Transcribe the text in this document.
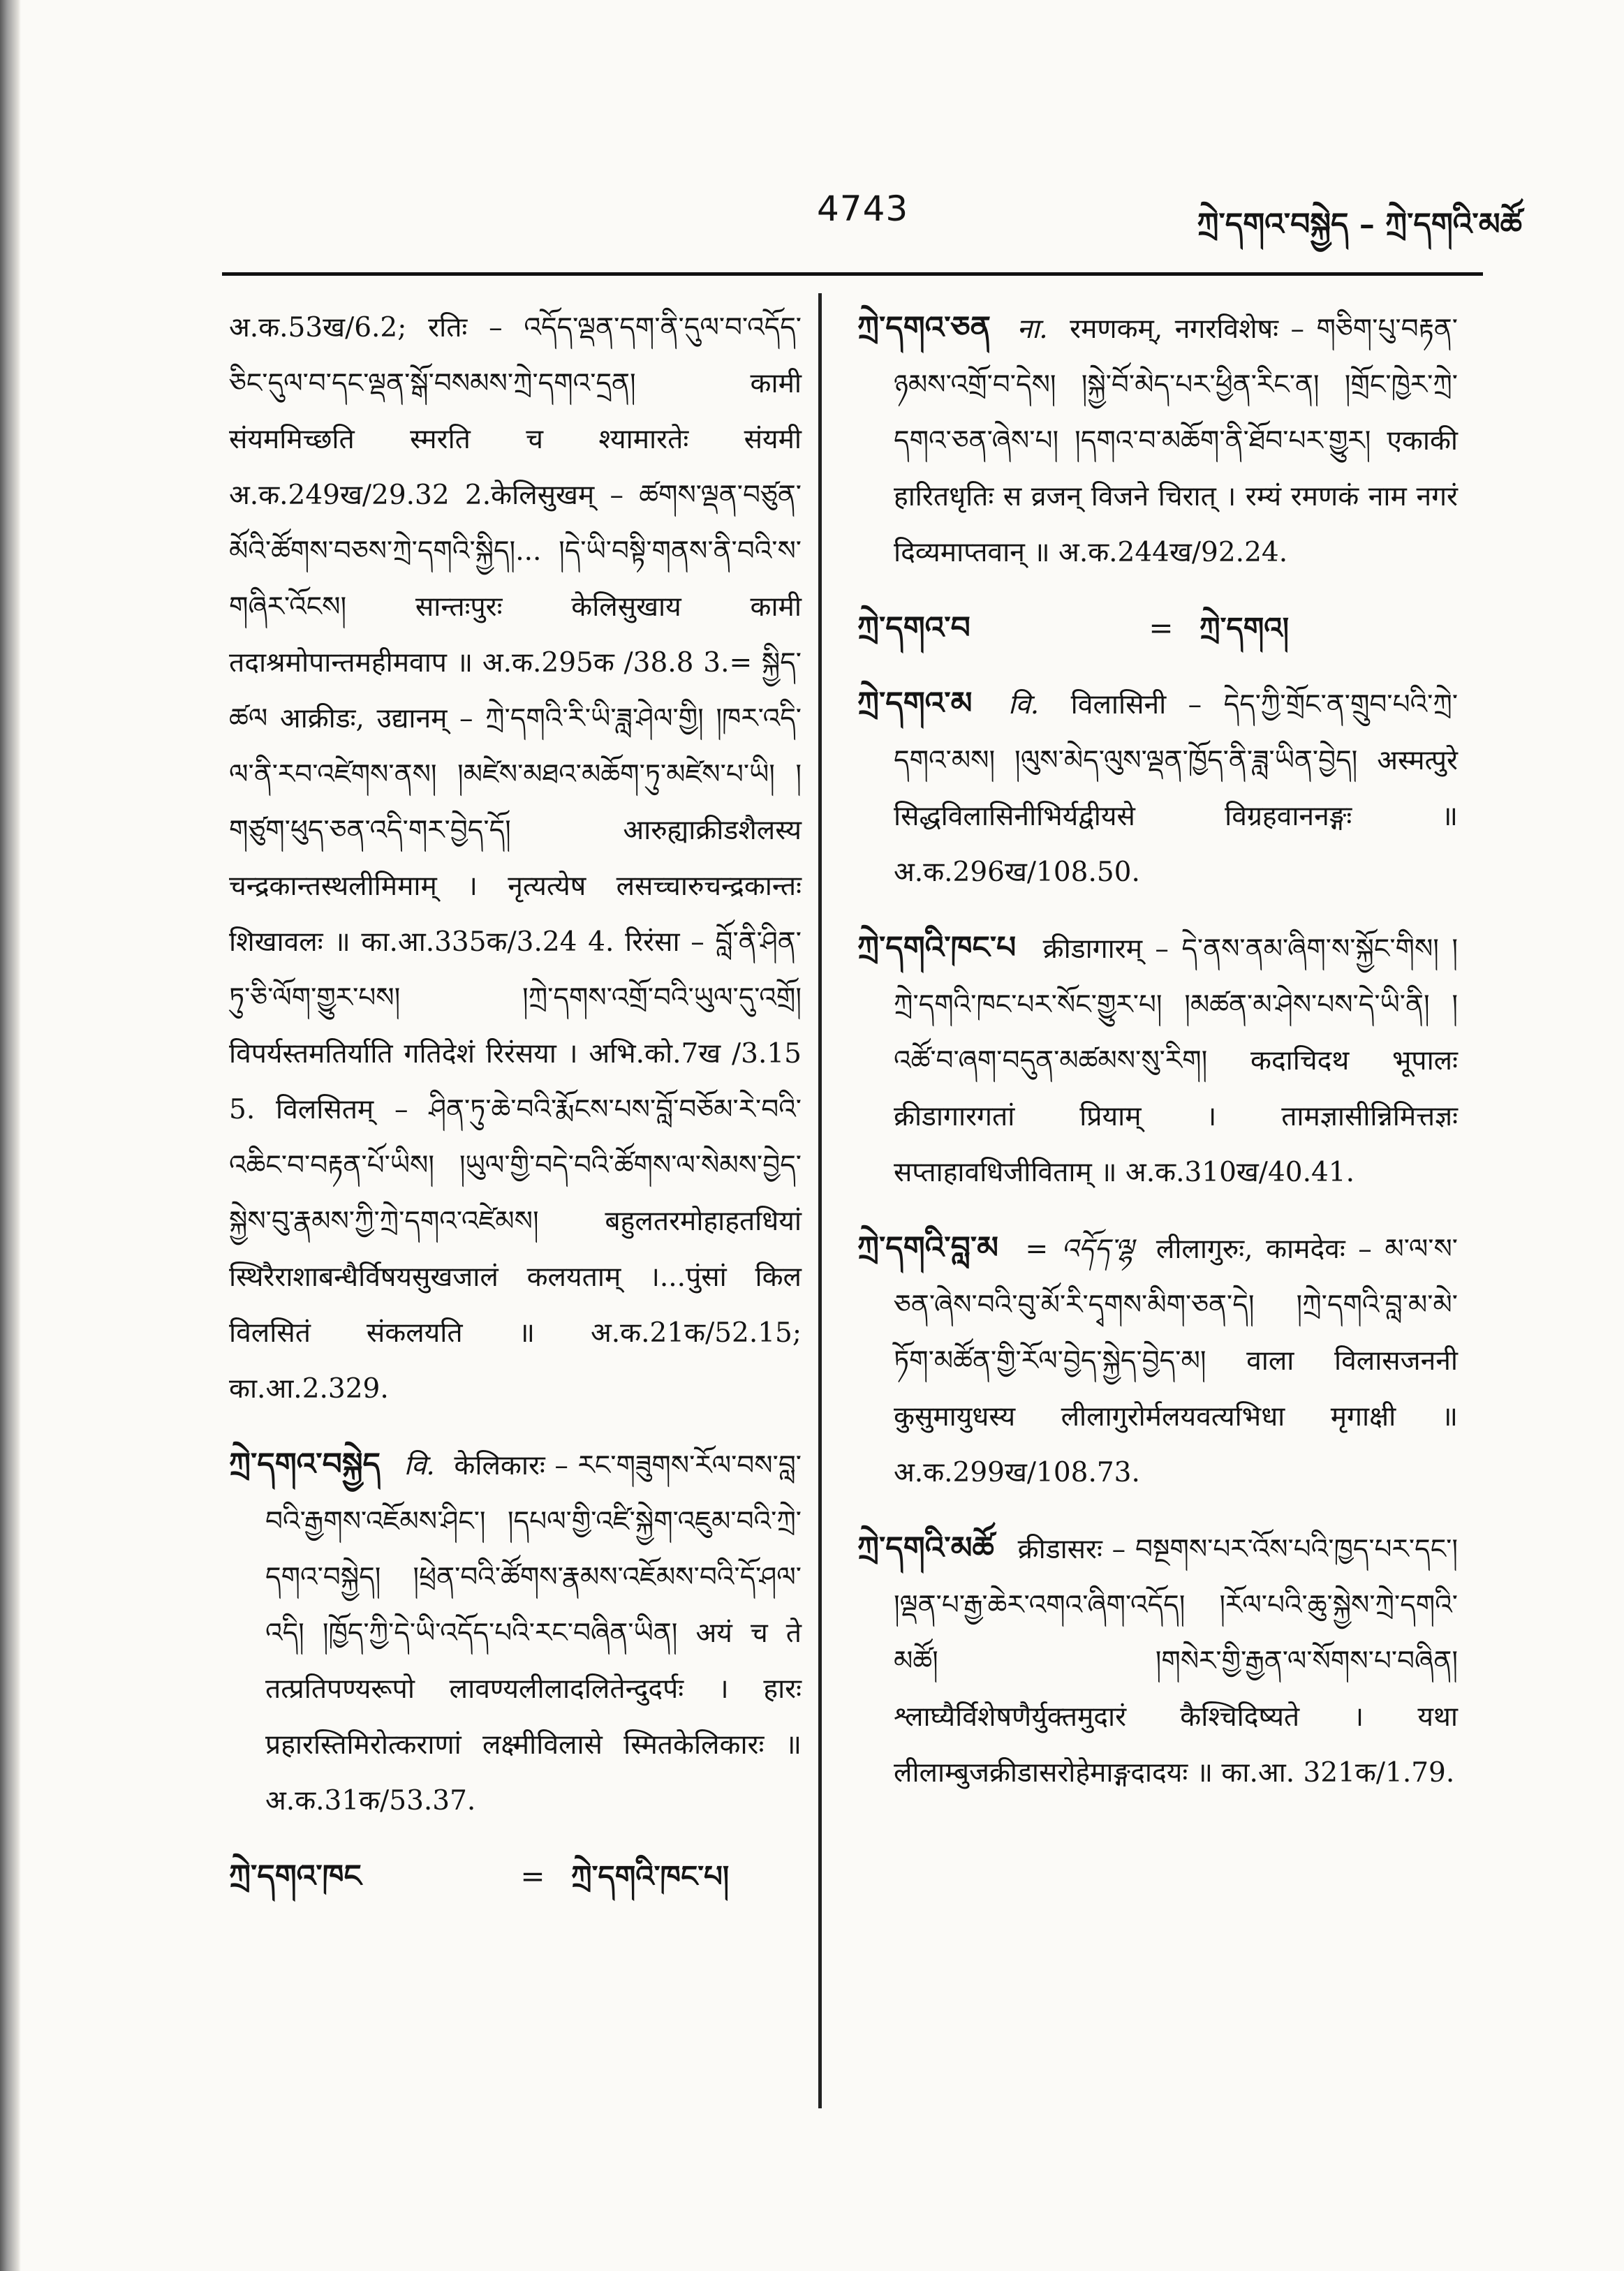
4743	ཀྲེ་དགའ་བསྐྱེད – ཀྲེ་དགའི་མཚོ
अ.क.53ख/6.2; रतिः – འདོད་ལྡན་དག་ནི་དུལ་བ་འདོད་ཅིང་དུལ་བ་དང་ལྡན་སྒོ་བསམས་ཀྲེ་དགའ་དྲན། कामी संयममिच्छति स्मरति च श्यामारतेः संयमी अ.क.249ख/29.32 2.केलिसुखम् – ཚགས་ལྡན་བཙུན་མོའི་ཚོགས་བཅས་ཀྲེ་དགའི་སྐྱིད།... །དེ་ཡི་བསྟི་གནས་ནི་བའི་ས་གཞིར་འོངས། सान्तःपुरः केलिसुखाय कामी तदाश्रमोपान्तमहीमवाप ॥ अ.क.295क /38.8 3.= སྐྱིད་ཚལ आक्रीडः, उद्यानम् – ཀྲེ་དགའི་རི་ཡི་ཟླ་ཤེལ་གྱི། །ཁར་འདི་ལ་ནི་རབ་འཛེགས་ནས། །མཛེས་མཐའ་མཆོག་ཏུ་མཛེས་པ་ཡི། །གཙུག་ཕུད་ཅན་འདི་གར་བྱེད་དོ། आरुह्याक्रीडशैलस्य चन्द्रकान्तस्थलीमिमाम् । नृत्यत्येष लसच्चारुचन्द्रकान्तः शिखावलः ॥ का.आ.335क/3.24 4. रिरंसा – བློ་ནི་ཤིན་ཏུ་ཅི་ལོག་གྱུར་པས། །ཀྲེ་དགས་འགྲོ་བའི་ཡུལ་དུ་འགྲོ། विपर्यस्तमतिर्याति गतिदेशं रिरंसया । अभि.को.7ख /3.15 5. विलसितम् – ཤིན་ཏུ་ཆེ་བའི་རྨོངས་པས་བློ་བཅོམ་རེ་བའི་འཆིང་བ་བརྟན་པོ་ཡིས། །ཡུལ་གྱི་བདེ་བའི་ཚོགས་ལ་སེམས་བྱེད་སྐྱེས་བུ་རྣམས་ཀྱི་ཀྲེ་དགའ་འཛེམས། बहुलतरमोहाहतधियां स्थिरैराशाबन्धैर्विषयसुखजालं कलयताम् ।...पुंसां किल विलसितं संकलयति ॥ अ.क.21क/52.15; का.आ.2.329.
ཀྲེ་དགའ་བསྐྱེད वि. केलिकारः – རང་གཟུགས་རོལ་བས་བླ་བའི་རྒྱགས་འཇོམས་ཤིང་། །དཔལ་གྱི་འཛི་སྐྱེག་འཇུམ་བའི་ཀྲེ་དགའ་བསྐྱེད། །ཕྲེན་བའི་ཚོགས་རྣམས་འཇོམས་བའི་དོ་ཤལ་འདི། །ཁྱོད་ཀྱི་དེ་ཡི་འདོད་པའི་རང་བཞིན་ཡིན། अयं च ते तत्प्रतिपण्यरूपो लावण्यलीलादलितेन्दुदर्पः । हारः प्रहारस्तिमिरोत्कराणां लक्ष्मीविलासे स्मितकेलिकारः ॥ अ.क.31क/53.37.
ཀྲེ་དགའ་ཁང	= ཀྲེ་དགའི་ཁང་པ།
ཀྲེ་དགའ་ཅན ना. रमणकम्, नगरविशेषः – གཅིག་པུ་བརྟན་ཉམས་འགྲོ་བ་དེས། །སྐྱེ་བོ་མེད་པར་ཕྱིན་རིང་ན། །གྲོང་ཁྱེར་ཀྲེ་དགའ་ཅན་ཞེས་པ། །དགའ་བ་མཆོག་ནི་ཐོབ་པར་གྱུར། एकाकी हारितधृतिः स व्रजन् विजने चिरात् । रम्यं रमणकं नाम नगरं दिव्यमाप्तवान् ॥ अ.क.244ख/92.24.
ཀྲེ་དགའ་བ	= ཀྲེ་དགའ།
ཀྲེ་དགའ་མ वि. विलासिनी – དེད་ཀྱི་གྲོང་ན་གྲུབ་པའི་ཀྲེ་དགའ་མས། །ལུས་མེད་ལུས་ལྡན་ཁྱོད་ནི་ཟླ་ཡིན་བྱེད། अस्मत्पुरे सिद्धविलासिनीभिर्यद्वीयसे विग्रहवाननङ्गः ॥ अ.क.296ख/108.50.
ཀྲེ་དགའི་ཁང་པ क्रीडागारम् – དེ་ནས་ནམ་ཞིག་ས་སྐྱོང་གིས། །ཀྲེ་དགའི་ཁང་པར་སོང་གྱུར་པ། །མཚན་མ་ཤེས་པས་དེ་ཡི་ནི། །འཚོ་བ་ཞག་བདུན་མཚམས་སུ་རིག། कदाचिदथ भूपालः क्रीडागारगतां प्रियाम् । तामज्ञासीन्निमित्तज्ञः सप्ताहावधिजीविताम् ॥ अ.क.310ख/40.41.
ཀྲེ་དགའི་བླ་མ = འདོད་ལྷ लीलागुरुः, कामदेवः – མ་ལ་ས་ཅན་ཞེས་བའི་བུ་མོ་རི་དྭགས་མིག་ཅན་དེ། །ཀྲེ་དགའི་བླ་མ་མེ་ཏོག་མཚོན་གྱི་རོལ་བྱེད་སྐྱེད་བྱེད་མ། वाला विलासजननी कुसुमायुधस्य लीलागुरोर्मलयवत्यभिधा मृगाक्षी ॥ अ.क.299ख/108.73.
ཀྲེ་དགའི་མཚོ क्रीडासरः – བསྔགས་པར་འོས་པའི་ཁྱད་པར་དང་། །ལྡན་པ་རྒྱ་ཆེར་འགའ་ཞིག་འདོད། །རོལ་པའི་ཆུ་སྐྱེས་ཀྲེ་དགའི་མཚོ། །གསེར་གྱི་རྒྱན་ལ་སོགས་པ་བཞིན། श्लाघ्यैर्विशेषणैर्युक्तमुदारं कैश्चिदिष्यते । यथा लीलाम्बुजक्रीडासरोहेमाङ्गदादयः ॥ का.आ. 321क/1.79.
